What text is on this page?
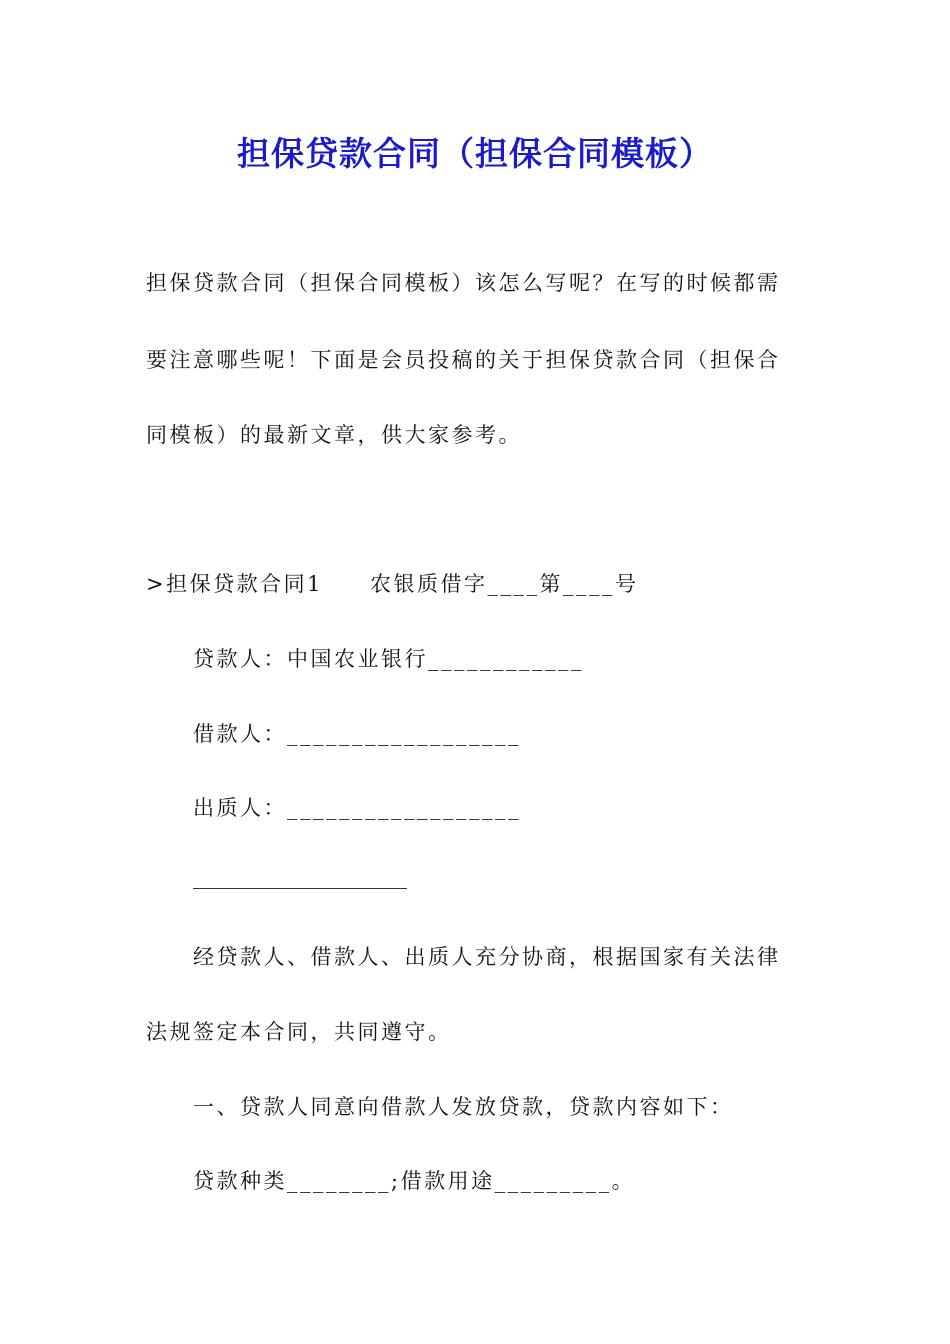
担保贷款合同（担保合同模板）
担保贷款合同（担保合同模板）该怎么写呢？在写的时候都需
要注意哪些呢！下面是会员投稿的关于担保贷款合同（担保合
同模板）的最新文章，供大家参考。
>担保贷款合同1　　农银质借字____第____号
贷款人：中国农业银行____________
借款人：__________________
出质人：__________________
经贷款人、借款人、出质人充分协商，根据国家有关法律
法规签定本合同，共同遵守。
一、贷款人同意向借款人发放贷款，贷款内容如下：
贷款种类________;借款用途_________。
